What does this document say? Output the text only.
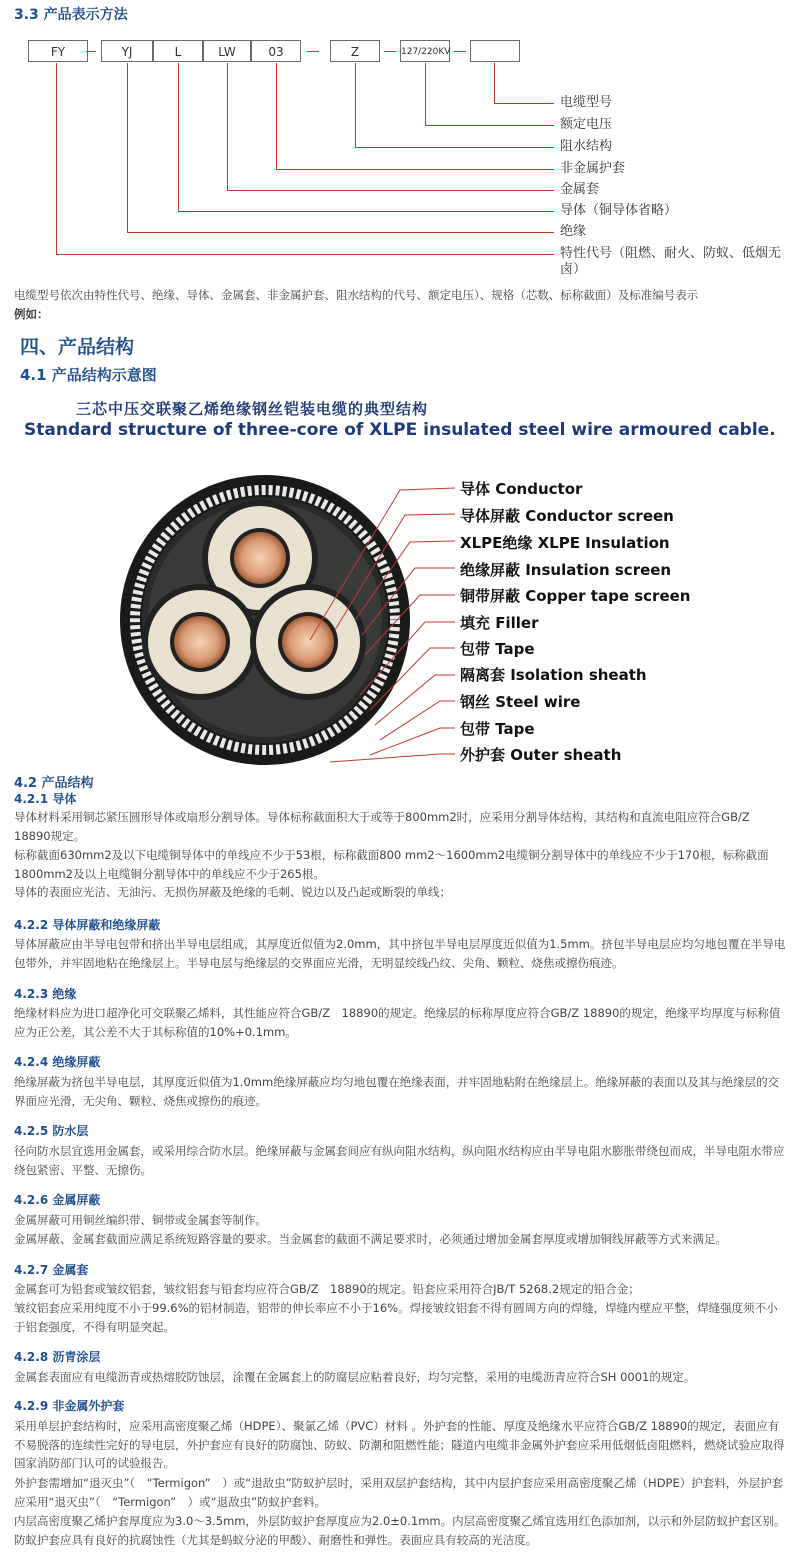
3.3 产品表示方法
FY	YJ	L	LW	03	Z	127/220KV
电缆型号
额定电压
阻水结构
非金属护套
金属套
导体（铜导体省略）
绝缘
特性代号（阻燃、耐火、防蚁、低烟无卤）

电缆型号依次由特性代号、绝缘、导体、金属套、非金属护套、阻水结构的代号、额定电压）、规格（芯数、标称截面）及标准编号表示

例如：

四、产品结构
4.1 产品结构示意图
三芯中压交联聚乙烯绝缘钢丝铠装电缆的典型结构
Standard structure of three-core of XLPE insulated steel wire armoured cable.
导体 Conductor
导体屏蔽 Conductor screen
XLPE绝缘 XLPE Insulation
绝缘屏蔽 Insulation screen
铜带屏蔽 Copper tape screen
填充 Filler
包带 Tape
隔离套 Isolation sheath
钢丝 Steel wire
包带 Tape
外护套 Outer sheath
4.2 产品结构
4.2.1 导体

导体材料采用铜芯紧压圆形导体或扇形分割导体。导体标称截面积大于或等于800mm2时，应采用分割导体结构，其结构和直流电阻应符合GB/Z 18890规定。

标称截面630mm2及以下电缆铜导体中的单线应不少于53根，标称截面800 mm2～1600mm2电缆铜分割导体中的单线应不少于170根，标称截面1800mm2及以上电缆铜分割导体中的单线应不少于265根。

导体的表面应光洁、无油污、无损伤屏蔽及绝缘的毛刺、锐边以及凸起或断裂的单线；

4.2.2 导体屏蔽和绝缘屏蔽

导体屏蔽应由半导电包带和挤出半导电层组成，其厚度近似值为2.0mm，其中挤包半导电层厚度近似值为1.5mm。挤包半导电层应均匀地包覆在半导电包带外，并牢固地粘在绝缘层上。半导电层与绝缘层的交界面应光滑，无明显绞线凸纹、尖角、颗粒、烧焦或擦伤痕迹。

4.2.3 绝缘

绝缘材料应为进口超净化可交联聚乙烯料，其性能应符合GB/Z　18890的规定。绝缘层的标称厚度应符合GB/Z 18890的规定，绝缘平均厚度与标称值应为正公差，其公差不大于其标称值的10%+0.1mm。

4.2.4 绝缘屏蔽

绝缘屏蔽为挤包半导电层，其厚度近似值为1.0mm绝缘屏蔽应均匀地包覆在绝缘表面，并牢固地粘附在绝缘层上。绝缘屏蔽的表面以及其与绝缘层的交界面应光滑，无尖角、颗粒、烧焦或擦伤的痕迹。

4.2.5 防水层

径向防水层宜选用金属套，或采用综合防水层。绝缘屏蔽与金属套间应有纵向阻水结构，纵向阻水结构应由半导电阻水膨胀带绕包而成，半导电阻水带应绕包紧密、平整、无擦伤。

4.2.6 金属屏蔽

金属屏蔽可用铜丝编织带、铜带或金属套等制作。

金属屏蔽、金属套截面应满足系统短路容量的要求。当金属套的截面不满足要求时，必须通过增加金属套厚度或增加铜线屏蔽等方式来满足。

4.2.7 金属套

金属套可为铅套或皱纹铝套，皱纹铝套与铅套均应符合GB/Z　18890的规定。铅套应采用符合JB/T 5268.2规定的铅合金；

皱纹铝套应采用纯度不小于99.6%的铝材制造，铝带的伸长率应不小于16%。焊接皱纹铝套不得有圆周方向的焊缝，焊缝内壁应平整，焊缝强度须不小于铝套强度，不得有明显突起。

4.2.8 沥青涂层

金属套表面应有电缆沥青或热熔胶防蚀层，涂覆在金属套上的防腐层应粘着良好，均匀完整，采用的电缆沥青应符合SH 0001的规定。

4.2.9 非金属外护套

采用单层护套结构时，应采用高密度聚乙烯（HDPE）、聚氯乙烯（PVC）材料 。外护套的性能、厚度及绝缘水平应符合GB/Z 18890的规定，表面应有不易脱落的连续性完好的导电层，外护套应有良好的防腐蚀、防蚁、防潮和阻燃性能；隧道内电缆非金属外护套应采用低烟低卤阻燃料，燃烧试验应取得国家消防部门认可的试验报告。

外护套需增加“退灭虫”（　“Termigon”　）或“退敌虫”防蚁护层时，采用双层护套结构，其中内层护套应采用高密度聚乙烯（HDPE）护套料，外层护套应采用“退灭虫”（　“Termigon”　）或“退敌虫”防蚁护套料。

内层高密度聚乙烯护套厚度应为3.0～3.5mm，外层防蚁护套厚度应为2.0±0.1mm。内层高密度聚乙烯宜选用红色添加剂，以示和外层防蚁护套区别。防蚁护套应具有良好的抗腐蚀性（尤其是蚂蚁分泌的甲酸）、耐磨性和弹性。表面应具有较高的光洁度。
